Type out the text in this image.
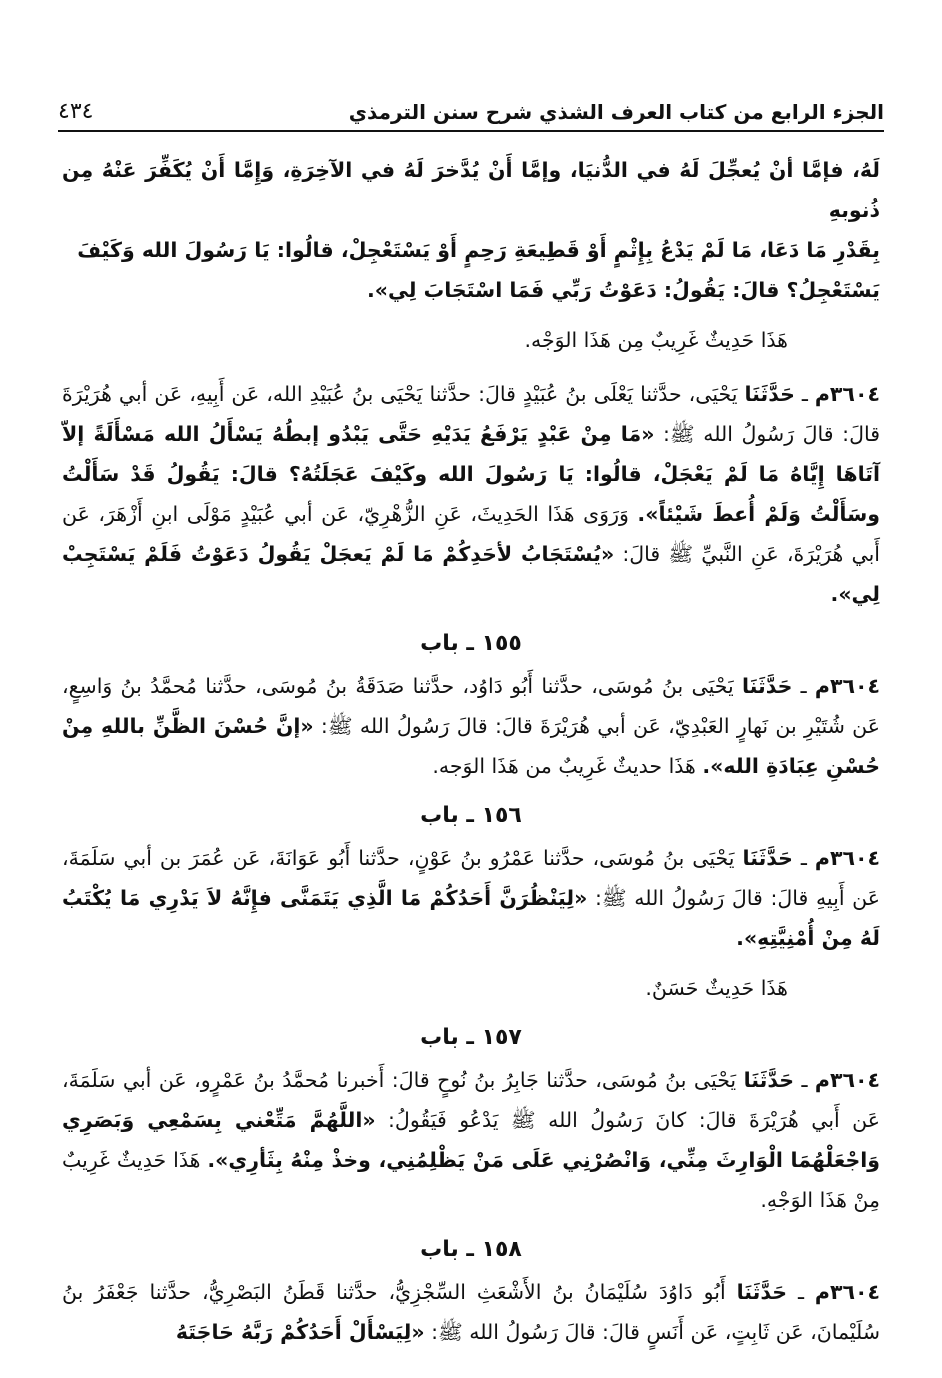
الجزء الرابع من كتاب العرف الشذي شرح سنن الترمذي
٤٣٤

لَهُ، فإمَّا أنْ يُعجِّلَ لَهُ في الدُّنيَا، وإمَّا أَنْ يُدَّخرَ لَهُ في الآخِرَةِ، وَإِمَّا أَنْ يُكَفِّرَ عَنْهُ مِن ذُنوبهِ

بِقَدْرِ مَا دَعَا، مَا لَمْ يَدْعُ بِإِثْمٍ أَوْ قَطِيعَةِ رَحِمٍ أَوْ يَسْتَعْجِلْ، قالُوا: يَا رَسُولَ الله وَكَيْفَ

يَسْتَعْجِلُ؟ قالَ: يَقُولُ: دَعَوْتُ رَبِّي فَمَا اسْتَجَابَ لِي».

هَذَا حَدِيثٌ غَرِيبٌ مِن هَذَا الوَجْه.

٣٦٠٤م ـ حَدَّثَنَا يَحْيَى، حدَّثنا يَعْلَى بنُ عُبَيْدٍ قالَ: حدَّثنا يَحْيَى بنُ عُبَيْدِ الله، عَن أَبِيهِ، عَن أبي هُرَيْرَةَ قالَ: قالَ رَسُولُ الله ﷺ: «مَا مِنْ عَبْدٍ يَرْفَعُ يَدَيْهِ حَتَّى يَبْدُو إبطُهُ يَسْأَلُ الله مَسْأَلَةً إلاّ آتَاهَا إِيَّاهُ مَا لَمْ يَعْجَلْ، قالُوا: يَا رَسُولَ الله وكَيْفَ عَجَلَتُهُ؟ قالَ: يَقُولُ قَدْ سَأَلْتُ وسَأَلْتُ وَلَمْ أُعطَ شَيْئاً». وَرَوَى هَذَا الحَدِيثَ، عَنِ الزُّهْرِيّ، عَن أبي عُبَيْدٍ مَوْلَى ابنِ أَزْهَرَ، عَن أَبي هُرَيْرَةَ، عَنِ النَّبيِّ ﷺ قالَ: «يُسْتَجَابُ لأحَدِكُمْ مَا لَمْ يَعجَلْ يَقُولُ دَعَوْتُ فَلَمْ يَسْتَجِبْ لِي».

١٥٥ ـ باب

٣٦٠٤م ـ حَدَّثَنَا يَحْيَى بنُ مُوسَى، حدَّثنا أَبُو دَاوُد، حدَّثنا صَدَقَةُ بنُ مُوسَى، حدَّثنا مُحمَّدُ بنُ وَاسِعٍ، عَن شُتَيْرِ بن نَهارٍ العَبْدِيّ، عَن أبي هُرَيْرَةَ قالَ: قالَ رَسُولُ الله ﷺ: «إنَّ حُسْنَ الظَّنِّ باللهِ مِنْ حُسْنِ عِبَادَةِ الله». هَذَا حديثٌ غَرِيبٌ من هَذَا الوَجه.

١٥٦ ـ باب

٣٦٠٤م ـ حَدَّثَنَا يَحْيَى بنُ مُوسَى، حدَّثنا عَمْرُو بنُ عَوْنٍ، حدَّثنا أَبُو عَوَانَةَ، عَن عُمَرَ بن أبي سَلَمَةَ، عَن أَبِيهِ قالَ: قالَ رَسُولُ الله ﷺ: «لِيَنْظُرَنَّ أَحَدُكُمْ مَا الَّذِي يَتَمَنَّى فإِنَّهُ لاَ يَدْرِي مَا يُكْتَبُ لَهُ مِنْ أُمْنِيَّتِهِ».

هَذَا حَدِيثٌ حَسَنٌ.

١٥٧ ـ باب

٣٦٠٤م ـ حَدَّثَنَا يَحْيَى بنُ مُوسَى، حدَّثنا جَابِرُ بنُ نُوحٍ قالَ: أَخبرنا مُحمَّدُ بنُ عَمْرٍو، عَن أبي سَلَمَةَ، عَن أَبي هُرَيْرَةَ قالَ: كانَ رَسُولُ الله ﷺ يَدْعُو فَيَقُولُ: «اللَّهُمَّ مَتِّعْني بِسَمْعِي وَبَصَرِي وَاجْعَلْهُمَا الْوَارِثَ مِنِّي، وَانْصُرْنِي عَلَى مَنْ يَظْلِمُنِي، وخذْ مِنْهُ بِثَأرِي». هَذَا حَدِيثٌ غَرِيبٌ مِنْ هَذَا الوَجْهِ.

١٥٨ ـ باب

٣٦٠٤م ـ حَدَّثَنَا أَبُو دَاوُدَ سُلَيْمَانُ بنُ الأَشْعَثِ السِّجْزِيُّ، حدَّثنا قَطَنُ البَصْرِيُّ، حدَّثنا جَعْفَرُ بنُ سُلَيْمانَ، عَن ثَابِتٍ، عَن أَنَسٍ قالَ: قالَ رَسُولُ الله ﷺ: «لِيَسْأَلْ أَحَدُكُمْ رَبَّهُ حَاجَتَهُ
